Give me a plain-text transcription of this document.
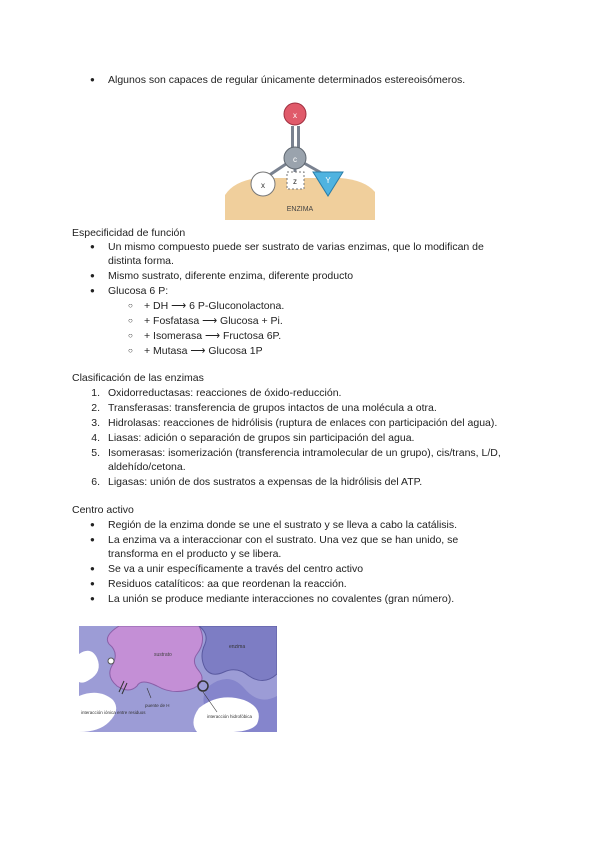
● Algunos son capaces de regular únicamente determinados estereoisómeros.
x
c
x	z	Y
ENZIMA
Especificidad de función
● Un mismo compuesto puede ser sustrato de varias enzimas, que lo modifican de
distinta forma.
● Mismo sustrato, diferente enzima, diferente producto
● Glucosa 6 P:
○ + DH ⟶ 6 P-Gluconolactona.
○ + Fosfatasa ⟶ Glucosa + Pi.
○ + Isomerasa ⟶ Fructosa 6P.
○ + Mutasa ⟶ Glucosa 1P
Clasificación de las enzimas
1. Oxidorreductasas: reacciones de óxido-reducción.
2. Transferasas: transferencia de grupos intactos de una molécula a otra.
3. Hidrolasas: reacciones de hidrólisis (ruptura de enlaces con participación del agua).
4. Liasas: adición o separación de grupos sin participación del agua.
5. Isomerasas: isomerización (transferencia intramolecular de un grupo), cis/trans, L/D,
aldehído/cetona.
6. Ligasas: unión de dos sustratos a expensas de la hidrólisis del ATP.
Centro activo
● Región de la enzima donde se une el sustrato y se lleva a cabo la catálisis.
● La enzima va a interaccionar con el sustrato. Una vez que se han unido, se
transforma en el producto y se libera.
● Se va a unir específicamente a través del centro activo
● Residuos catalíticos: aa que reordenan la reacción.
● La unión se produce mediante interacciones no covalentes (gran número).
sustrato
enzima
puente de H
interacción hidrofóbica
interacción iónica entre residuos
